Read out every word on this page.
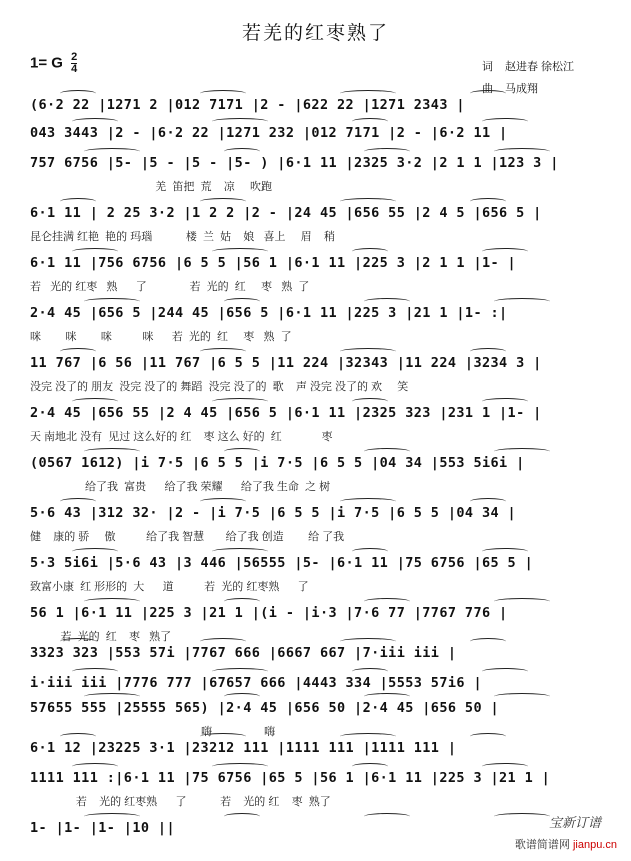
若羌的红枣熟了
1= G $\frac{2}{4}$	词 赵进春 徐松江
曲 马成翔
(6·2 22 |1271 2 |012 7171 |2 - |622 22 |1271 2343 |
043 3443 |2 - |6·2 22 |1271 232 |012 7171 |2 - |6·2 11 |
757 6756 |5- |5 - |5 - |5- ) |6·1 11 |2325 3·2 |2 1 1 |123 3 |
羌  笛把  荒    凉     吹跑
6·1 11 | 2 25 3·2 |1 2 2 |2 - |24 45 |656 55 |2 4 5 |656 5 |
昆仑挂满 红艳  艳的 玛瑙           楼  兰  姑    娘   喜上     眉    稍
6·1 11 |756 6756 |6 5 5 |56 1 |6·1 11 |225 3 |2 1 1 |1- |
若   光的 红枣   熟      了              若  光的  红     枣   熟  了
2·4 45 |656 5 |244 45 |656 5 |6·1 11 |225 3 |21 1 |1- :|
咪        咪        咪          咪      若  光的  红     枣   熟  了
11 767 |6 56 |11 767 |6 5 5 |11 224 |32343 |11 224 |3234 3 |
没完 没了的 朋友  没完 没了的 舞蹈  没完 没了的  歌    声 没完 没了的 欢     笑
2·4 45 |656 55 |2 4 45 |656 5 |6·1 11 |2325 323 |231 1 |1- |
天 南地北 没有  见过 这么好的 红    枣 这么 好的  红             枣
(0567 1612) |i 7·5 |6 5 5 |i 7·5 |6 5 5 |04 34 |553 5i6i |
给了我  富贵      给了我 荣耀      给了我 生命  之 树
5·6 43 |312 32· |2 - |i 7·5 |6 5 5 |i 7·5 |6 5 5 |04 34 |
健    康的 骄     傲          给了我 智慧       给了我 创造        给 了我
5·3 5i6i |5·6 43 |3 446 |56555 |5- |6·1 11 |75 6756 |65 5 |
致富小康  红 形形的  大      道          若  光的 红枣熟      了
56 1 |6·1 11 |225 3 |21 1 |(i - |i·3 |7·6 77 |7767 776 |
若  光的  红    枣   熟了
3323 323 |553 57i |7767 666 |6667 667 |7·iii iii |
i·iii iii |7776 777 |67657 666 |4443 334 |5553 57i6 |
57655 555 |25555 565) |2·4 45 |656 50 |2·4 45 |656 50 |
嗨                 嗨
6·1 12 |23225 3·1 |23212 111 |1111 111 |1111 111 |
1111 111 :|6·1 11 |75 6756 |65 5 |56 1 |6·1 11 |225 3 |21 1 |
若    光的 红枣熟      了           若    光的 红    枣  熟了
1- |1- |1- |10 ||	宝新订谱
歌谱简谱网 jianpu.cn
